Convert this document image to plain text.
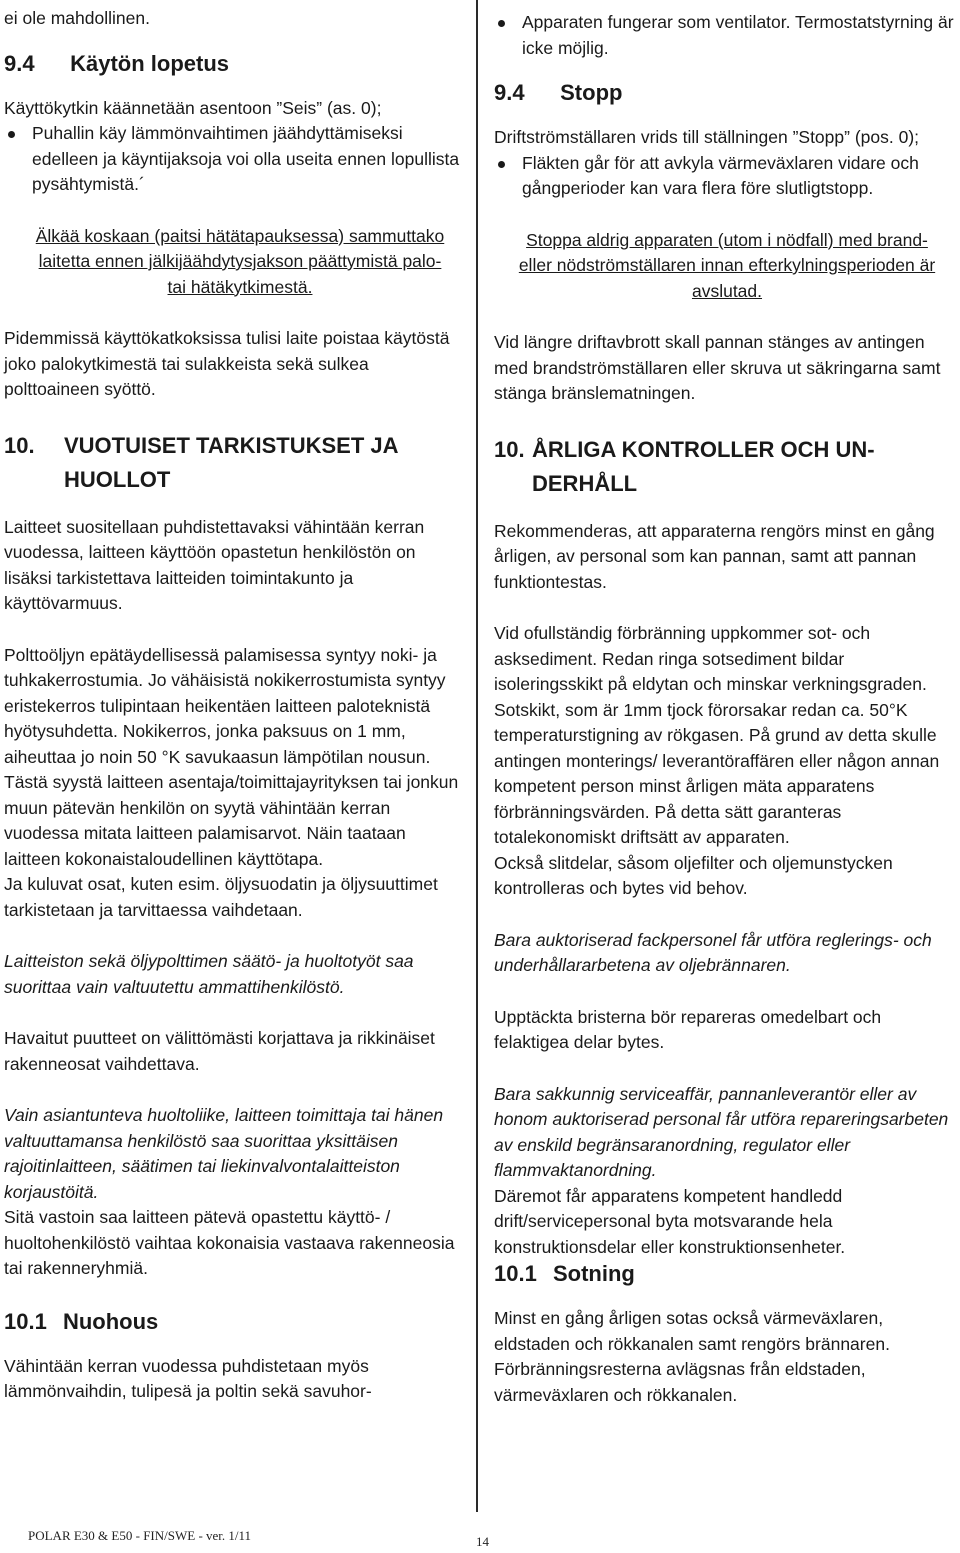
ei ole mahdollinen.

9.4 Käytön lopetus

Käyttökytkin käännetään asentoon ”Seis” (as. 0);

Puhallin käy lämmönvaihtimen jäähdyttämiseksi edelleen ja käyntijaksoja voi olla useita ennen lopullista pysähtymistä.´

Älkää koskaan (paitsi hätätapauksessa) sammuttako laitetta ennen jälkijäähdytysjakson päättymistä palo- tai hätäkytkimestä.

Pidemmissä käyttökatkoksissa tulisi laite poistaa käytöstä joko palokytkimestä tai sulakkeista sekä sulkea polttoaineen syöttö.

10.	VUOTUISET TARKISTUKSET JA
HUOLLOT

Laitteet suositellaan puhdistettavaksi vähintään kerran vuodessa, laitteen käyttöön opastetun henkilöstön on lisäksi tarkistettava laitteiden toimintakunto ja käyttövarmuus.

Polttoöljyn epätäydellisessä palamisessa syntyy noki- ja tuhkakerrostumia. Jo vähäisistä nokikerrostumista syntyy eristekerros tulipintaan heikentäen laitteen paloteknistä hyötysuhdetta. Nokikerros, jonka paksuus on 1 mm, aiheuttaa jo noin 50 °K savukaasun lämpötilan nousun. Tästä syystä laitteen asentaja/toimittajayrityksen tai jonkun muun pätevän henkilön on syytä vähintään kerran vuodessa mitata laitteen palamisarvot. Näin taataan laitteen kokonaistaloudellinen käyttötapa.

Ja kuluvat osat, kuten esim. öljysuodatin ja öljysuuttimet tarkistetaan ja tarvittaessa vaihdetaan.

Laitteiston sekä öljypolttimen säätö- ja huoltotyöt saa suorittaa vain valtuutettu ammattihenkilöstö.

Havaitut puutteet on välittömästi korjattava ja rikkinäiset rakenneosat vaihdettava.

Vain asiantunteva huoltoliike, laitteen toimittaja tai hänen valtuuttamansa henkilöstö saa suorittaa yksittäisen rajoitinlaitteen, säätimen tai liekinvalvontalaitteiston korjaustöitä.

Sitä vastoin saa laitteen pätevä opastettu käyttö- / huoltohenkilöstö vaihtaa kokonaisia vastaava rakenneosia tai rakenneryhmiä.

10.1 Nuohous

Vähintään kerran vuodessa puhdistetaan myös lämmönvaihdin, tulipesä ja poltin sekä savuhor-

Apparaten fungerar som ventilator. Termostatstyrning är icke möjlig.

9.4 Stopp

Driftströmställaren vrids till ställningen ”Stopp” (pos. 0);

Fläkten går för att avkyla värmeväxlaren vidare och gångperioder kan vara flera före slutligtstopp.

Stoppa aldrig apparaten (utom i nödfall) med brand- eller nödströmställaren innan efterkylningsperioden är avslutad.

Vid längre driftavbrott skall pannan stänges av antingen med brandströmställaren eller skruva ut säkringarna samt stänga bränslematningen.

10. ÅRLIGA KONTROLLER OCH UN-
DERHÅLL

Rekommenderas, att apparaterna rengörs minst en gång årligen, av personal som kan pannan, samt att pannan funktiontestas.

Vid ofullständig förbränning uppkommer sot- och asksediment. Redan ringa sotsediment bildar isoleringsskikt på eldytan och minskar verkningsgraden. Sotskikt, som är 1mm tjock förorsakar redan ca. 50°K temperaturstigning av rökgasen. På grund av detta skulle antingen monterings/ leverantöraffären eller någon annan kompetent person minst årligen mäta apparatens förbränningsvärden. På detta sätt garanteras totalekonomiskt driftsätt av apparaten.

Också slitdelar, såsom oljefilter och oljemunstycken kontrolleras och bytes vid behov.

Bara auktoriserad fackpersonel får utföra reglerings- och underhållararbetena av oljebrännaren.

Upptäckta bristerna bör repareras omedelbart och felaktigea delar bytes.

Bara sakkunnig serviceaffär, pannanleverantör eller av honom auktoriserad personal får utföra repareringsarbeten av enskild begränsaranordning, regulator eller flammvaktanordning.

Däremot får apparatens kompetent handledd drift/servicepersonal byta motsvarande hela konstruktionsdelar eller konstruktionsenheter.

10.1 Sotning

Minst en gång årligen sotas också värmeväxlaren, eldstaden och rökkanalen samt rengörs brännaren. Förbränningsresterna avlägsnas från eldstaden, värmeväxlaren och rökkanalen.

POLAR E30 & E50 - FIN/SWE - ver. 1/11	14
